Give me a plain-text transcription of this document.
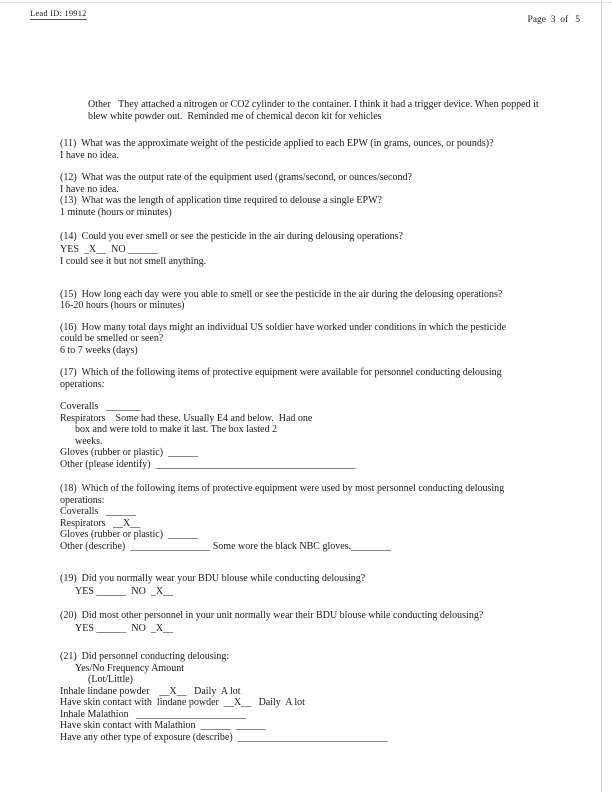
Lead ID: 19912
Page  3  of   5
Other   They attached a nitrogen or CO2 cylinder to the container. I think it had a trigger device. When popped it
blew white powder out.  Reminded me of chemical decon kit for vehicles
(11)  What was the approximate weight of the pesticide applied to each EPW (in grams, ounces, or pounds)?
I have no idea.
(12)  What was the output rate of the equipment used (grams/second, or ounces/second?
I have no idea.
(13)  What was the length of application time required to delouse a single EPW?
1 minute (hours or minutes)
(14)  Could you ever smell or see the pesticide in the air during delousing operations?
YES  _X__  NO ______
I could see it but not smell anything.
(15)  How long each day were you able to smell or see the pesticide in the air during the delousing operations?
16-20 hours (hours or minutes)
(16)  How many total days might an individual US soldier have worked under conditions in which the pesticide
could be smelled or seen?
6 to 7 weeks (days)
(17)  Which of the following items of protective equipment were available for personnel conducting delousing
operations:
Coveralls   _______
Respirators    Some had these. Usually E4 and below.  Had one
box and were told to make it last. The box lasted 2
weeks.
Gloves (rubber or plastic)  ______
Other (please identify)  ________________________________________
(18)  Which of the following items of protective equipment were used by most personnel conducting delousing
operations:
Coveralls   ______
Respirators   __X__
Gloves (rubber or plastic)  ______
Other (describe)  ________________ Some wore the black NBC gloves.________
(19)  Did you normally wear your BDU blouse while conducting delousing?
YES ______  NO  _X__
(20)  Did most other personnel in your unit normally wear their BDU blouse while conducting delousing?
YES ______  NO  _X__
(21)  Did personnel conducting delousing:
Yes/No Frequency Amount
(Lot/Little)
Inhale lindane powder    __X__   Daily  A lot
Have skin contact with  lindane powder  __X__   Daily  A lot
Inhale Malathion   ______________________
Have skin contact with Malathion  ______  ______
Have any other type of exposure (describe)  ______________________________
